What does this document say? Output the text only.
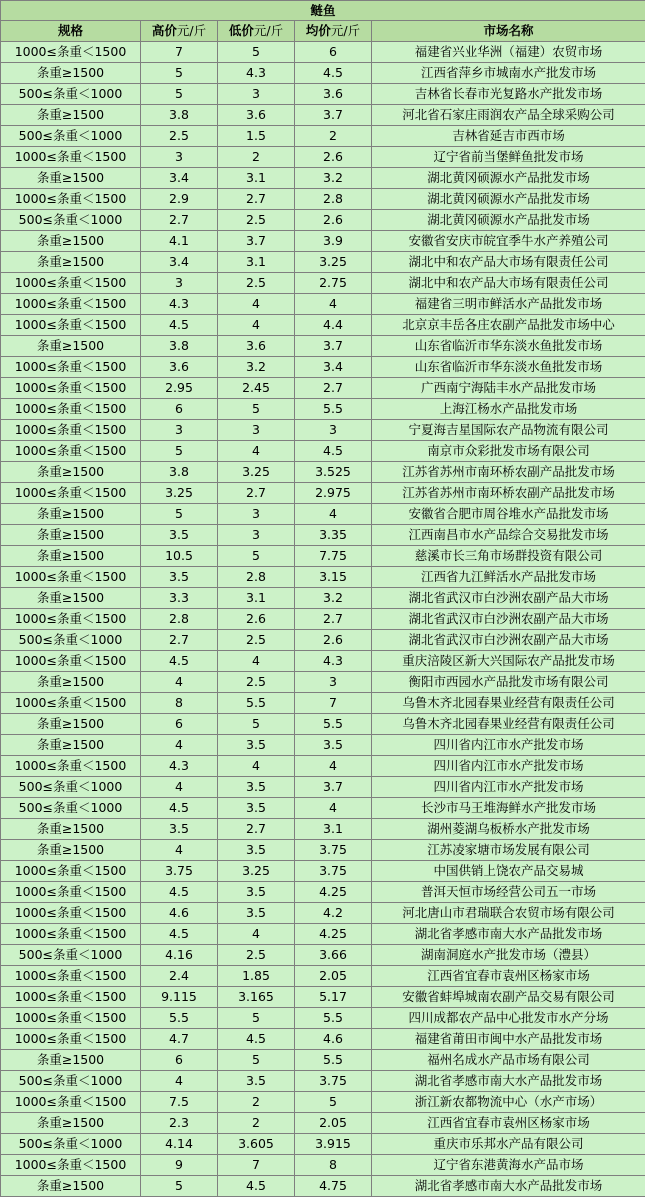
鲢鱼				
规格	高价元/斤	低价元/斤	均价元/斤	市场名称
1000≤条重＜1500	7	5	6	福建省兴业华洲（福建）农贸市场
条重≥1500	5	4.3	4.5	江西省萍乡市城南水产批发市场
500≤条重＜1000	5	3	3.6	吉林省长春市光复路水产批发市场
条重≥1500	3.8	3.6	3.7	河北省石家庄雨润农产品全球采购公司
500≤条重＜1000	2.5	1.5	2	吉林省延吉市西市场
1000≤条重＜1500	3	2	2.6	辽宁省前当堡鲜鱼批发市场
条重≥1500	3.4	3.1	3.2	湖北黄冈硕源水产品批发市场
1000≤条重＜1500	2.9	2.7	2.8	湖北黄冈硕源水产品批发市场
500≤条重＜1000	2.7	2.5	2.6	湖北黄冈硕源水产品批发市场
条重≥1500	4.1	3.7	3.9	安徽省安庆市皖宜季牛水产养殖公司
条重≥1500	3.4	3.1	3.25	湖北中和农产品大市场有限责任公司
1000≤条重＜1500	3	2.5	2.75	湖北中和农产品大市场有限责任公司
1000≤条重＜1500	4.3	4	4	福建省三明市鲜活水产品批发市场
1000≤条重＜1500	4.5	4	4.4	北京京丰岳各庄农副产品批发市场中心
条重≥1500	3.8	3.6	3.7	山东省临沂市华东淡水鱼批发市场
1000≤条重＜1500	3.6	3.2	3.4	山东省临沂市华东淡水鱼批发市场
1000≤条重＜1500	2.95	2.45	2.7	广西南宁海陆丰水产品批发市场
1000≤条重＜1500	6	5	5.5	上海江杨水产品批发市场
1000≤条重＜1500	3	3	3	宁夏海吉星国际农产品物流有限公司
1000≤条重＜1500	5	4	4.5	南京市众彩批发市场有限公司
条重≥1500	3.8	3.25	3.525	江苏省苏州市南环桥农副产品批发市场
1000≤条重＜1500	3.25	2.7	2.975	江苏省苏州市南环桥农副产品批发市场
条重≥1500	5	3	4	安徽省合肥市周谷堆水产品批发市场
条重≥1500	3.5	3	3.35	江西南昌市水产品综合交易批发市场
条重≥1500	10.5	5	7.75	慈溪市长三角市场群投资有限公司
1000≤条重＜1500	3.5	2.8	3.15	江西省九江鲜活水产品批发市场
条重≥1500	3.3	3.1	3.2	湖北省武汉市白沙洲农副产品大市场
1000≤条重＜1500	2.8	2.6	2.7	湖北省武汉市白沙洲农副产品大市场
500≤条重＜1000	2.7	2.5	2.6	湖北省武汉市白沙洲农副产品大市场
1000≤条重＜1500	4.5	4	4.3	重庆涪陵区新大兴国际农产品批发市场
条重≥1500	4	2.5	3	衡阳市西园水产品批发市场有限公司
1000≤条重＜1500	8	5.5	7	乌鲁木齐北园春果业经营有限责任公司
条重≥1500	6	5	5.5	乌鲁木齐北园春果业经营有限责任公司
条重≥1500	4	3.5	3.5	四川省内江市水产批发市场
1000≤条重＜1500	4.3	4	4	四川省内江市水产批发市场
500≤条重＜1000	4	3.5	3.7	四川省内江市水产批发市场
500≤条重＜1000	4.5	3.5	4	长沙市马王堆海鲜水产批发市场
条重≥1500	3.5	2.7	3.1	湖州菱湖乌板桥水产批发市场
条重≥1500	4	3.5	3.75	江苏凌家塘市场发展有限公司
1000≤条重＜1500	3.75	3.25	3.75	中国供销上饶农产品交易城
1000≤条重＜1500	4.5	3.5	4.25	普洱天恒市场经营公司五一市场
1000≤条重＜1500	4.6	3.5	4.2	河北唐山市君瑞联合农贸市场有限公司
1000≤条重＜1500	4.5	4	4.25	湖北省孝感市南大水产品批发市场
500≤条重＜1000	4.16	2.5	3.66	湖南洞庭水产批发市场（澧县）
1000≤条重＜1500	2.4	1.85	2.05	江西省宜春市袁州区杨家市场
1000≤条重＜1500	9.115	3.165	5.17	安徽省蚌埠城南农副产品交易有限公司
1000≤条重＜1500	5.5	5	5.5	四川成都农产品中心批发市水产分场
1000≤条重＜1500	4.7	4.5	4.6	福建省莆田市闽中水产品批发市场
条重≥1500	6	5	5.5	福州名成水产品市场有限公司
500≤条重＜1000	4	3.5	3.75	湖北省孝感市南大水产品批发市场
1000≤条重＜1500	7.5	2	5	浙江新农都物流中心（水产市场）
条重≥1500	2.3	2	2.05	江西省宜春市袁州区杨家市场
500≤条重＜1000	4.14	3.605	3.915	重庆市乐邦水产品有限公司
1000≤条重＜1500	9	7	8	辽宁省东港黄海水产品市场
条重≥1500	5	4.5	4.75	湖北省孝感市南大水产品批发市场
